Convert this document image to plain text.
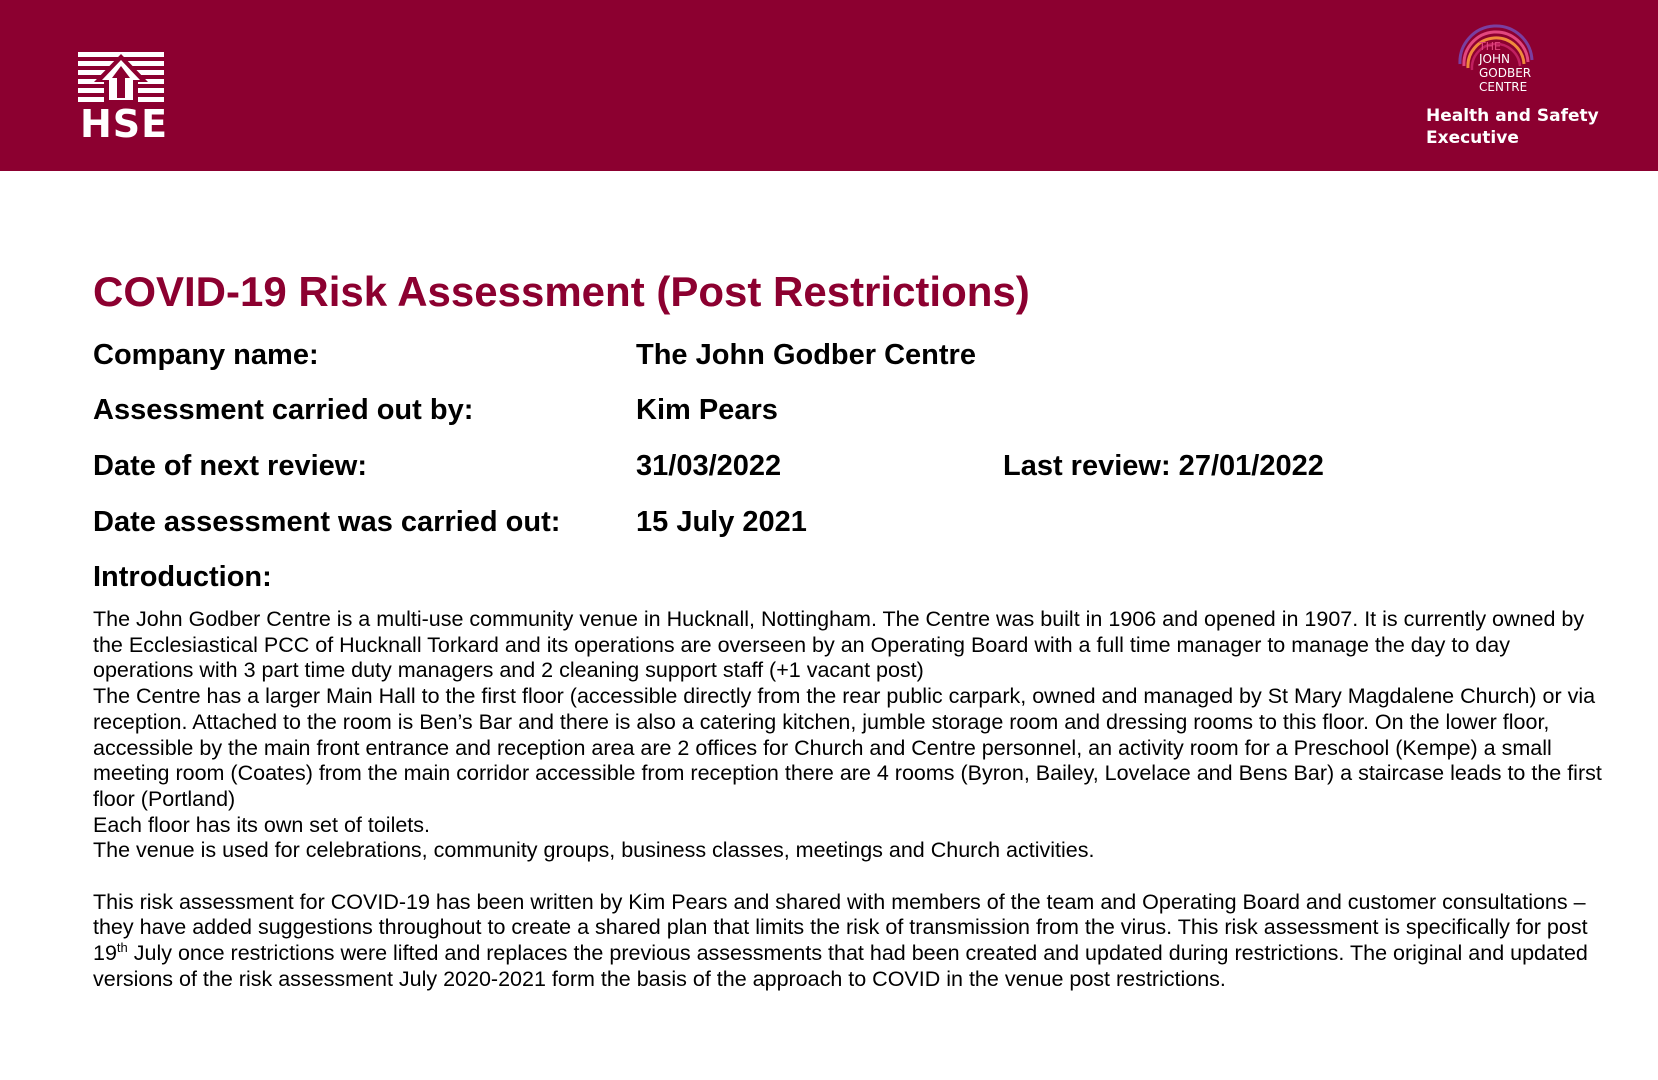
HSE
THE
JOHN
GODBER
CENTRE
Health and Safety
Executive
COVID-19 Risk Assessment (Post Restrictions)
Company name:	The John Godber Centre
Assessment carried out by:	Kim Pears
Date of next review:	31/03/2022	Last review: 27/01/2022
Date assessment was carried out:	15 July 2021
Introduction:

The John Godber Centre is a multi-use community venue in Hucknall, Nottingham. The Centre was built in 1906 and opened in 1907. It is currently owned by the Ecclesiastical PCC of Hucknall Torkard and its operations are overseen by an Operating Board with a full time manager to manage the day to day operations with 3 part time duty managers and 2 cleaning support staff (+1 vacant post)

The Centre has a larger Main Hall to the first floor (accessible directly from the rear public carpark, owned and managed by St Mary Magdalene Church) or via reception. Attached to the room is Ben’s Bar and there is also a catering kitchen, jumble storage room and dressing rooms to this floor. On the lower floor, accessible by the main front entrance and reception area are 2 offices for Church and Centre personnel, an activity room for a Preschool (Kempe) a small meeting room (Coates) from the main corridor accessible from reception there are 4 rooms (Byron, Bailey, Lovelace and Bens Bar) a staircase leads to the first floor (Portland)

Each floor has its own set of toilets.

The venue is used for celebrations, community groups, business classes, meetings and Church activities.

This risk assessment for COVID-19 has been written by Kim Pears and shared with members of the team and Operating Board and customer consultations – they have added suggestions throughout to create a shared plan that limits the risk of transmission from the virus. This risk assessment is specifically for post 19th July once restrictions were lifted and replaces the previous assessments that had been created and updated during restrictions. The original and updated versions of the risk assessment July 2020-2021 form the basis of the approach to COVID in the venue post restrictions.
